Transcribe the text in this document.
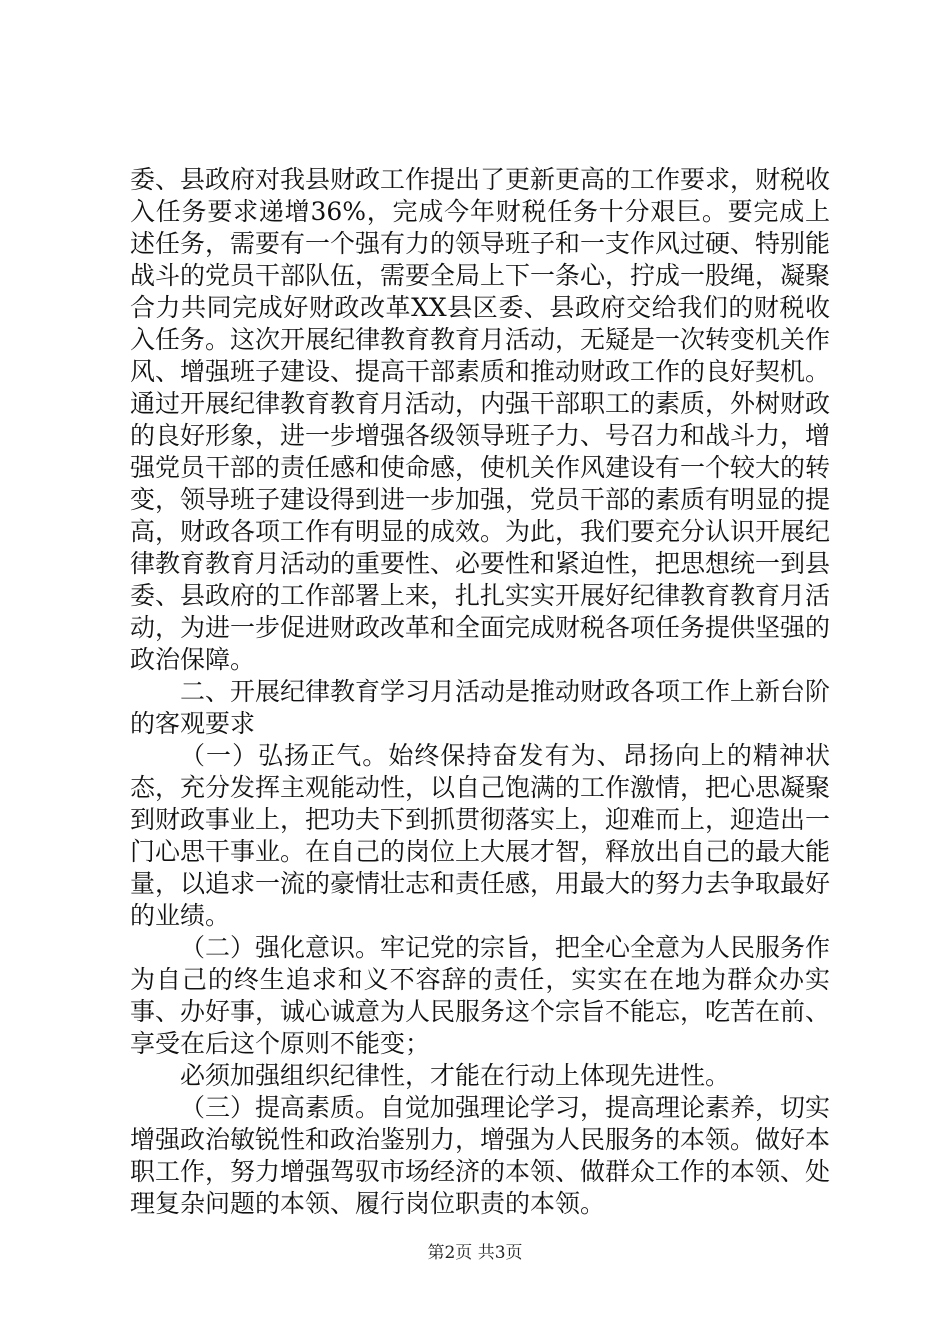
委、县政府对我县财政工作提出了更新更高的工作要求，财税收入任务要求递增36%，完成今年财税任务十分艰巨。要完成上述任务，需要有一个强有力的领导班子和一支作风过硬、特别能战斗的党员干部队伍，需要全局上下一条心，拧成一股绳，凝聚合力共同完成好财政改革XX县区委、县政府交给我们的财税收入任务。这次开展纪律教育教育月活动，无疑是一次转变机关作风、增强班子建设、提高干部素质和推动财政工作的良好契机。通过开展纪律教育教育月活动，内强干部职工的素质，外树财政的良好形象，进一步增强各级领导班子力、号召力和战斗力，增强党员干部的责任感和使命感，使机关作风建设有一个较大的转变，领导班子建设得到进一步加强，党员干部的素质有明显的提高，财政各项工作有明显的成效。为此，我们要充分认识开展纪律教育教育月活动的重要性、必要性和紧迫性，把思想统一到县委、县政府的工作部署上来，扎扎实实开展好纪律教育教育月活动，为进一步促进财政改革和全面完成财税各项任务提供坚强的政治保障。

二、开展纪律教育学习月活动是推动财政各项工作上新台阶的客观要求

（一）弘扬正气。始终保持奋发有为、昂扬向上的精神状态，充分发挥主观能动性，以自己饱满的工作激情，把心思凝聚到财政事业上，把功夫下到抓贯彻落实上，迎难而上，迎造出一门心思干事业。在自己的岗位上大展才智，释放出自己的最大能量，以追求一流的豪情壮志和责任感，用最大的努力去争取最好的业绩。

（二）强化意识。牢记党的宗旨，把全心全意为人民服务作为自己的终生追求和义不容辞的责任，实实在在地为群众办实事、办好事，诚心诚意为人民服务这个宗旨不能忘，吃苦在前、享受在后这个原则不能变；

必须加强组织纪律性，才能在行动上体现先进性。

（三）提高素质。自觉加强理论学习，提高理论素养，切实增强政治敏锐性和政治鉴别力，增强为人民服务的本领。做好本职工作，努力增强驾驭市场经济的本领、做群众工作的本领、处理复杂问题的本领、履行岗位职责的本领。

第2页 共3页
